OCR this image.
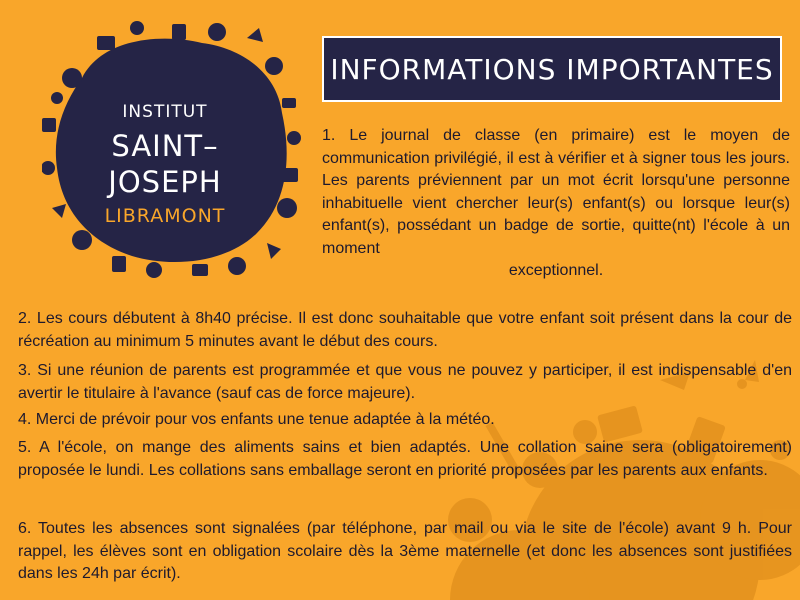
INSTITUT
SAINT–JOSEPH
LIBRAMONT
INFORMATIONS IMPORTANTES

1. Le journal de classe (en primaire) est le moyen de communication privilégié, il est à vérifier et à signer tous les jours. Les parents préviennent par un mot écrit lorsqu'une personne inhabituelle vient chercher leur(s) enfant(s) ou lorsque leur(s) enfant(s), possédant un badge de sortie, quitte(nt) l'école à un moment
exceptionnel.

2. Les cours débutent à 8h40 précise. Il est donc souhaitable que votre enfant soit présent dans la cour de récréation au minimum 5 minutes avant le début des cours.

3. Si une réunion de parents est programmée et que vous ne pouvez y participer, il est indispensable d'en avertir le titulaire à l'avance (sauf cas de force majeure).

4. Merci de prévoir pour vos enfants une tenue adaptée à la météo.

5. A l'école, on mange des aliments sains et bien adaptés. Une collation saine sera (obligatoirement) proposée le lundi. Les collations sans emballage seront en priorité proposées par les parents aux enfants.

6. Toutes les absences sont signalées (par téléphone, par mail ou via le site de l'école) avant 9 h. Pour rappel, les élèves sont en obligation scolaire dès la 3ème maternelle (et donc les absences sont justifiées dans les 24h par écrit).
